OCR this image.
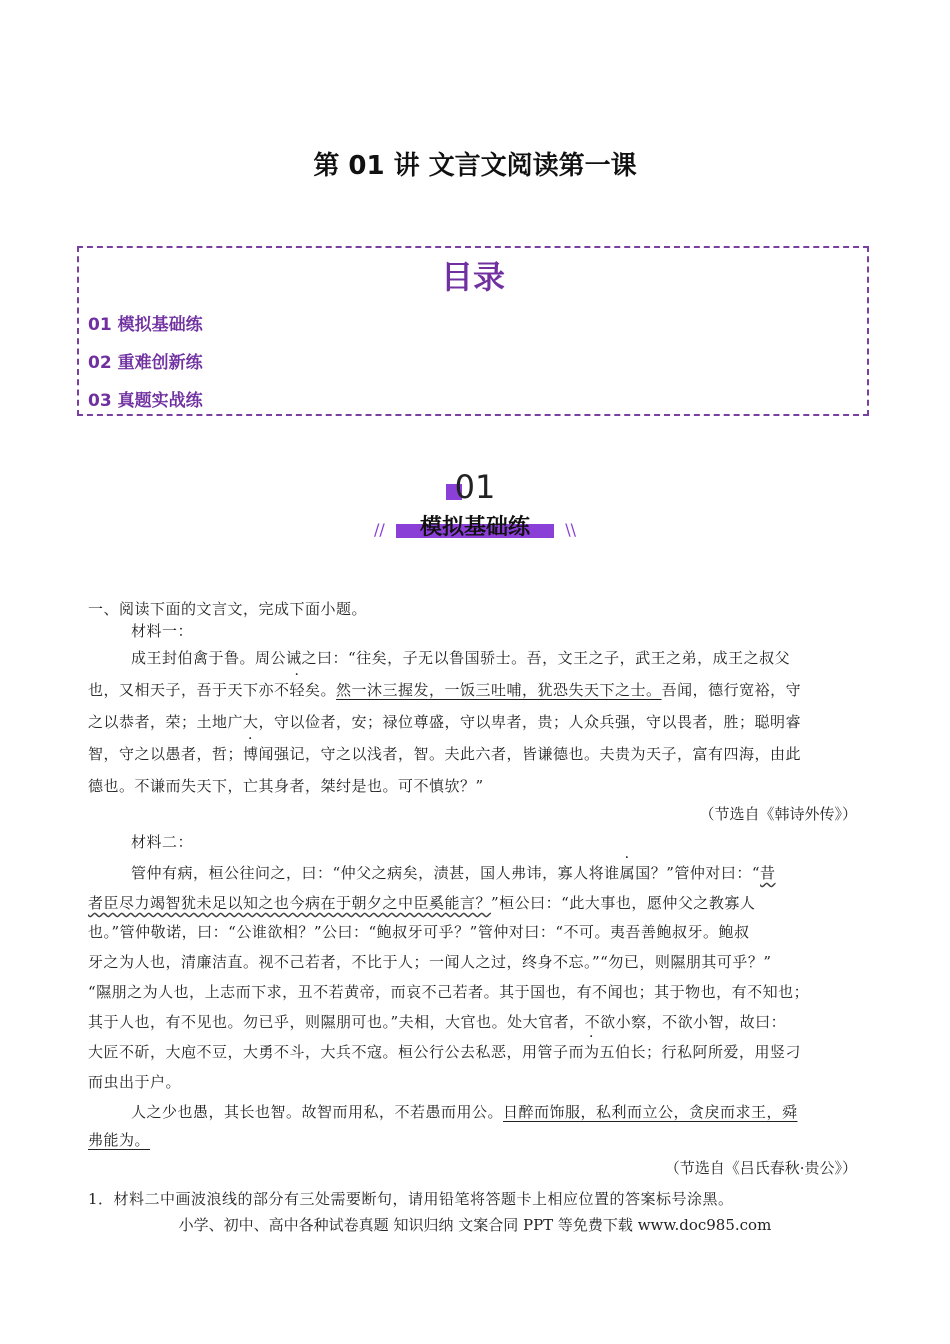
第 01 讲 文言文阅读第一课
目录
01 模拟基础练
02 重难创新练
03 真题实战练
01
模拟基础练
//	\\
一、阅读下面的文言文，完成下面小题。
材料一：
成王封伯禽于鲁。周公诫之曰：“往矣，子无以鲁国骄士。吾，文王之子，武王之弟，成王之叔父
也，又相天子，吾于天下亦不轻矣。然一沐三握发，一饭三吐哺，犹恐失天下之士。吾闻，德行宽裕，守
之以恭者，荣；土地广大，守以俭者，安；禄位尊盛，守以卑者，贵；人众兵强，守以畏者，胜；聪明睿
智，守之以愚者，哲；博闻强记，守之以浅者，智。夫此六者，皆谦德也。夫贵为天子，富有四海，由此
德也。不谦而失天下，亡其身者，桀纣是也。可不慎欤？”
（节选自《韩诗外传》）
材料二：
管仲有病，桓公往问之，曰：“仲父之病矣，渍甚，国人弗讳，寡人将谁属国？”管仲对曰：“昔
者臣尽力竭智犹未足以知之也今病在于朝夕之中臣奚能言？”桓公曰：“此大事也，愿仲父之教寡人
也。”管仲敬诺，曰：“公谁欲相？”公曰：“鲍叔牙可乎？”管仲对曰：“不可。夷吾善鲍叔牙。鲍叔
牙之为人也，清廉洁直。视不己若者，不比于人；一闻人之过，终身不忘。”“勿已，则隰朋其可乎？”
“隰朋之为人也，上志而下求，丑不若黄帝，而哀不己若者。其于国也，有不闻也；其于物也，有不知也；
其于人也，有不见也。勿已乎，则隰朋可也。”夫相，大官也。处大官者，不欲小察，不欲小智，故曰：
大匠不斫，大庖不豆，大勇不斗，大兵不寇。桓公行公去私恶，用管子而为五伯长；行私阿所爱，用竖刁
而虫出于户。
人之少也愚，其长也智。故智而用私，不若愚而用公。日醉而饰服，私利而立公，贪戾而求王，舜
弗能为。
（节选自《吕氏春秋·贵公》）
1．材料二中画波浪线的部分有三处需要断句，请用铅笔将答题卡上相应位置的答案标号涂黑。
小学、初中、高中各种试卷真题 知识归纳 文案合同 PPT 等免费下载 www.doc985.com
